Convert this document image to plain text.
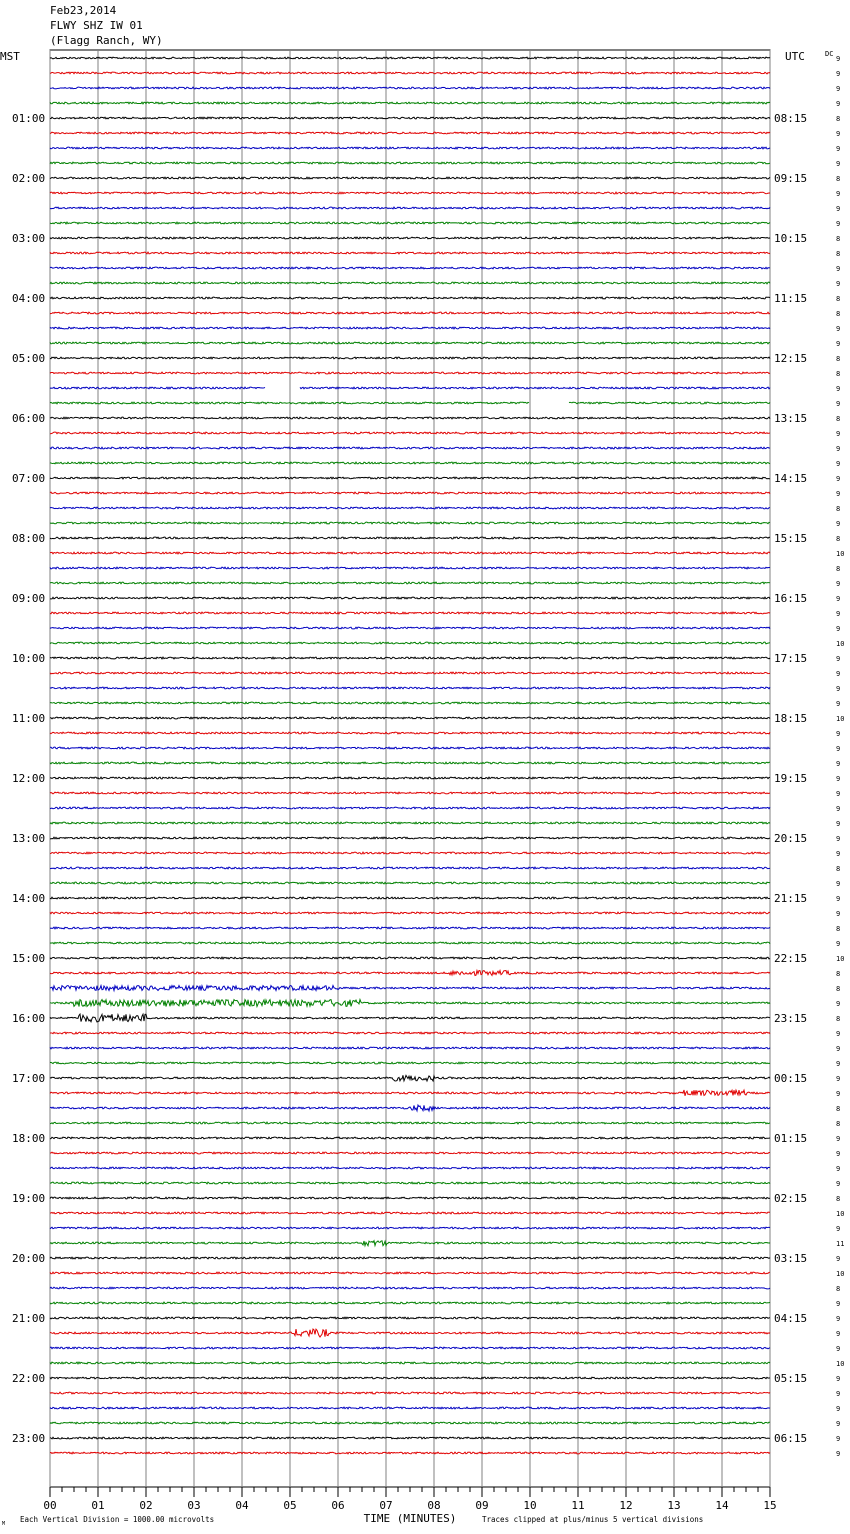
Feb23,2014
FLWY SHZ IW 01
(Flagg Ranch, WY)
9
9
9
9
8
9
9
9
8
9
9
9
8
8
9
9
8
8
9
9
8
8
9
9
8
9
9
9
9
9
8
9
8
10
8
9
9
9
9
10
9
9
9
9
10
9
9
9
9
9
9
9
9
9
8
9
9
9
8
9
10
8
8
9
8
9
9
9
9
9
8
8
9
9
9
9
8
10
9
11
9
10
8
9
9
9
9
10
9
9
9
9
9
9
01:00	08:15
02:00	09:15
03:00	10:15
04:00	11:15
05:00	12:15
06:00	13:15
07:00	14:15
08:00	15:15
09:00	16:15
10:00	17:15
11:00	18:15
12:00	19:15
13:00	20:15
14:00	21:15
15:00	22:15
16:00	23:15
17:00	00:15
18:00	01:15
19:00	02:15
20:00	03:15
21:00	04:15
22:00	05:15
23:00	06:15
MST	UTC	DC
00	01	02	03	04	05	06	07	08	09	10	11	12	13	14	15
TIME (MINUTES)
Each Vertical Division = 1000.00 microvolts	Traces clipped at plus/minus 5 vertical divisions
M
